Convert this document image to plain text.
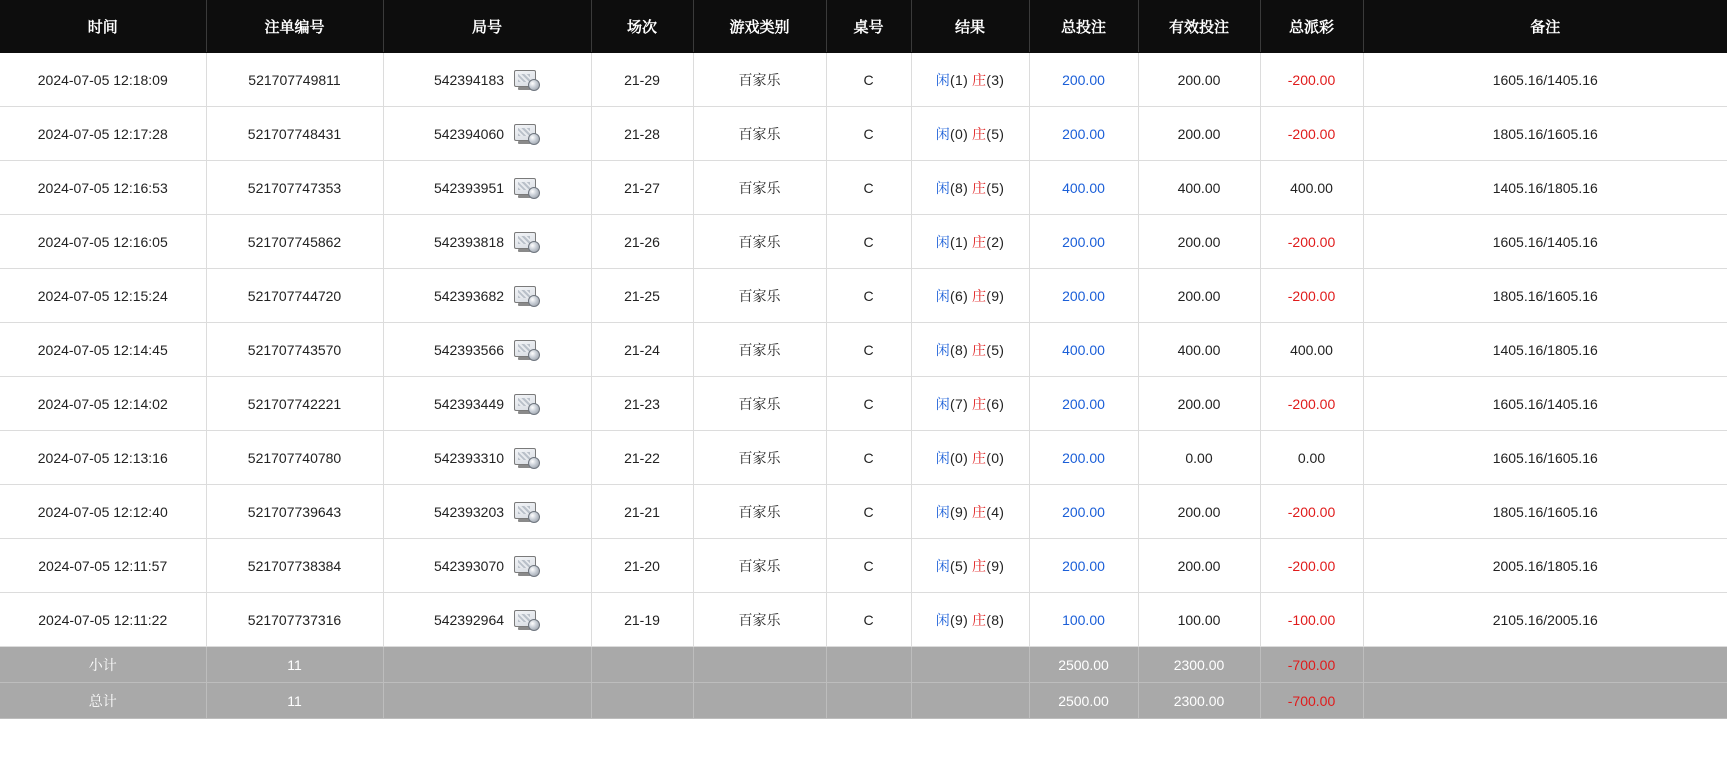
时间	注单编号	局号	场次	游戏类别	桌号	结果	总投注	有效投注	总派彩	备注
2024-07-05 12:18:09	521707749811	542394183	21-29	百家乐	C	闲(1) 庄(3)	200.00	200.00	-200.00	1605.16/1405.16
2024-07-05 12:17:28	521707748431	542394060	21-28	百家乐	C	闲(0) 庄(5)	200.00	200.00	-200.00	1805.16/1605.16
2024-07-05 12:16:53	521707747353	542393951	21-27	百家乐	C	闲(8) 庄(5)	400.00	400.00	400.00	1405.16/1805.16
2024-07-05 12:16:05	521707745862	542393818	21-26	百家乐	C	闲(1) 庄(2)	200.00	200.00	-200.00	1605.16/1405.16
2024-07-05 12:15:24	521707744720	542393682	21-25	百家乐	C	闲(6) 庄(9)	200.00	200.00	-200.00	1805.16/1605.16
2024-07-05 12:14:45	521707743570	542393566	21-24	百家乐	C	闲(8) 庄(5)	400.00	400.00	400.00	1405.16/1805.16
2024-07-05 12:14:02	521707742221	542393449	21-23	百家乐	C	闲(7) 庄(6)	200.00	200.00	-200.00	1605.16/1405.16
2024-07-05 12:13:16	521707740780	542393310	21-22	百家乐	C	闲(0) 庄(0)	200.00	0.00	0.00	1605.16/1605.16
2024-07-05 12:12:40	521707739643	542393203	21-21	百家乐	C	闲(9) 庄(4)	200.00	200.00	-200.00	1805.16/1605.16
2024-07-05 12:11:57	521707738384	542393070	21-20	百家乐	C	闲(5) 庄(9)	200.00	200.00	-200.00	2005.16/1805.16
2024-07-05 12:11:22	521707737316	542392964	21-19	百家乐	C	闲(9) 庄(8)	100.00	100.00	-100.00	2105.16/2005.16
小计	11						2500.00	2300.00	-700.00	
总计	11						2500.00	2300.00	-700.00	
